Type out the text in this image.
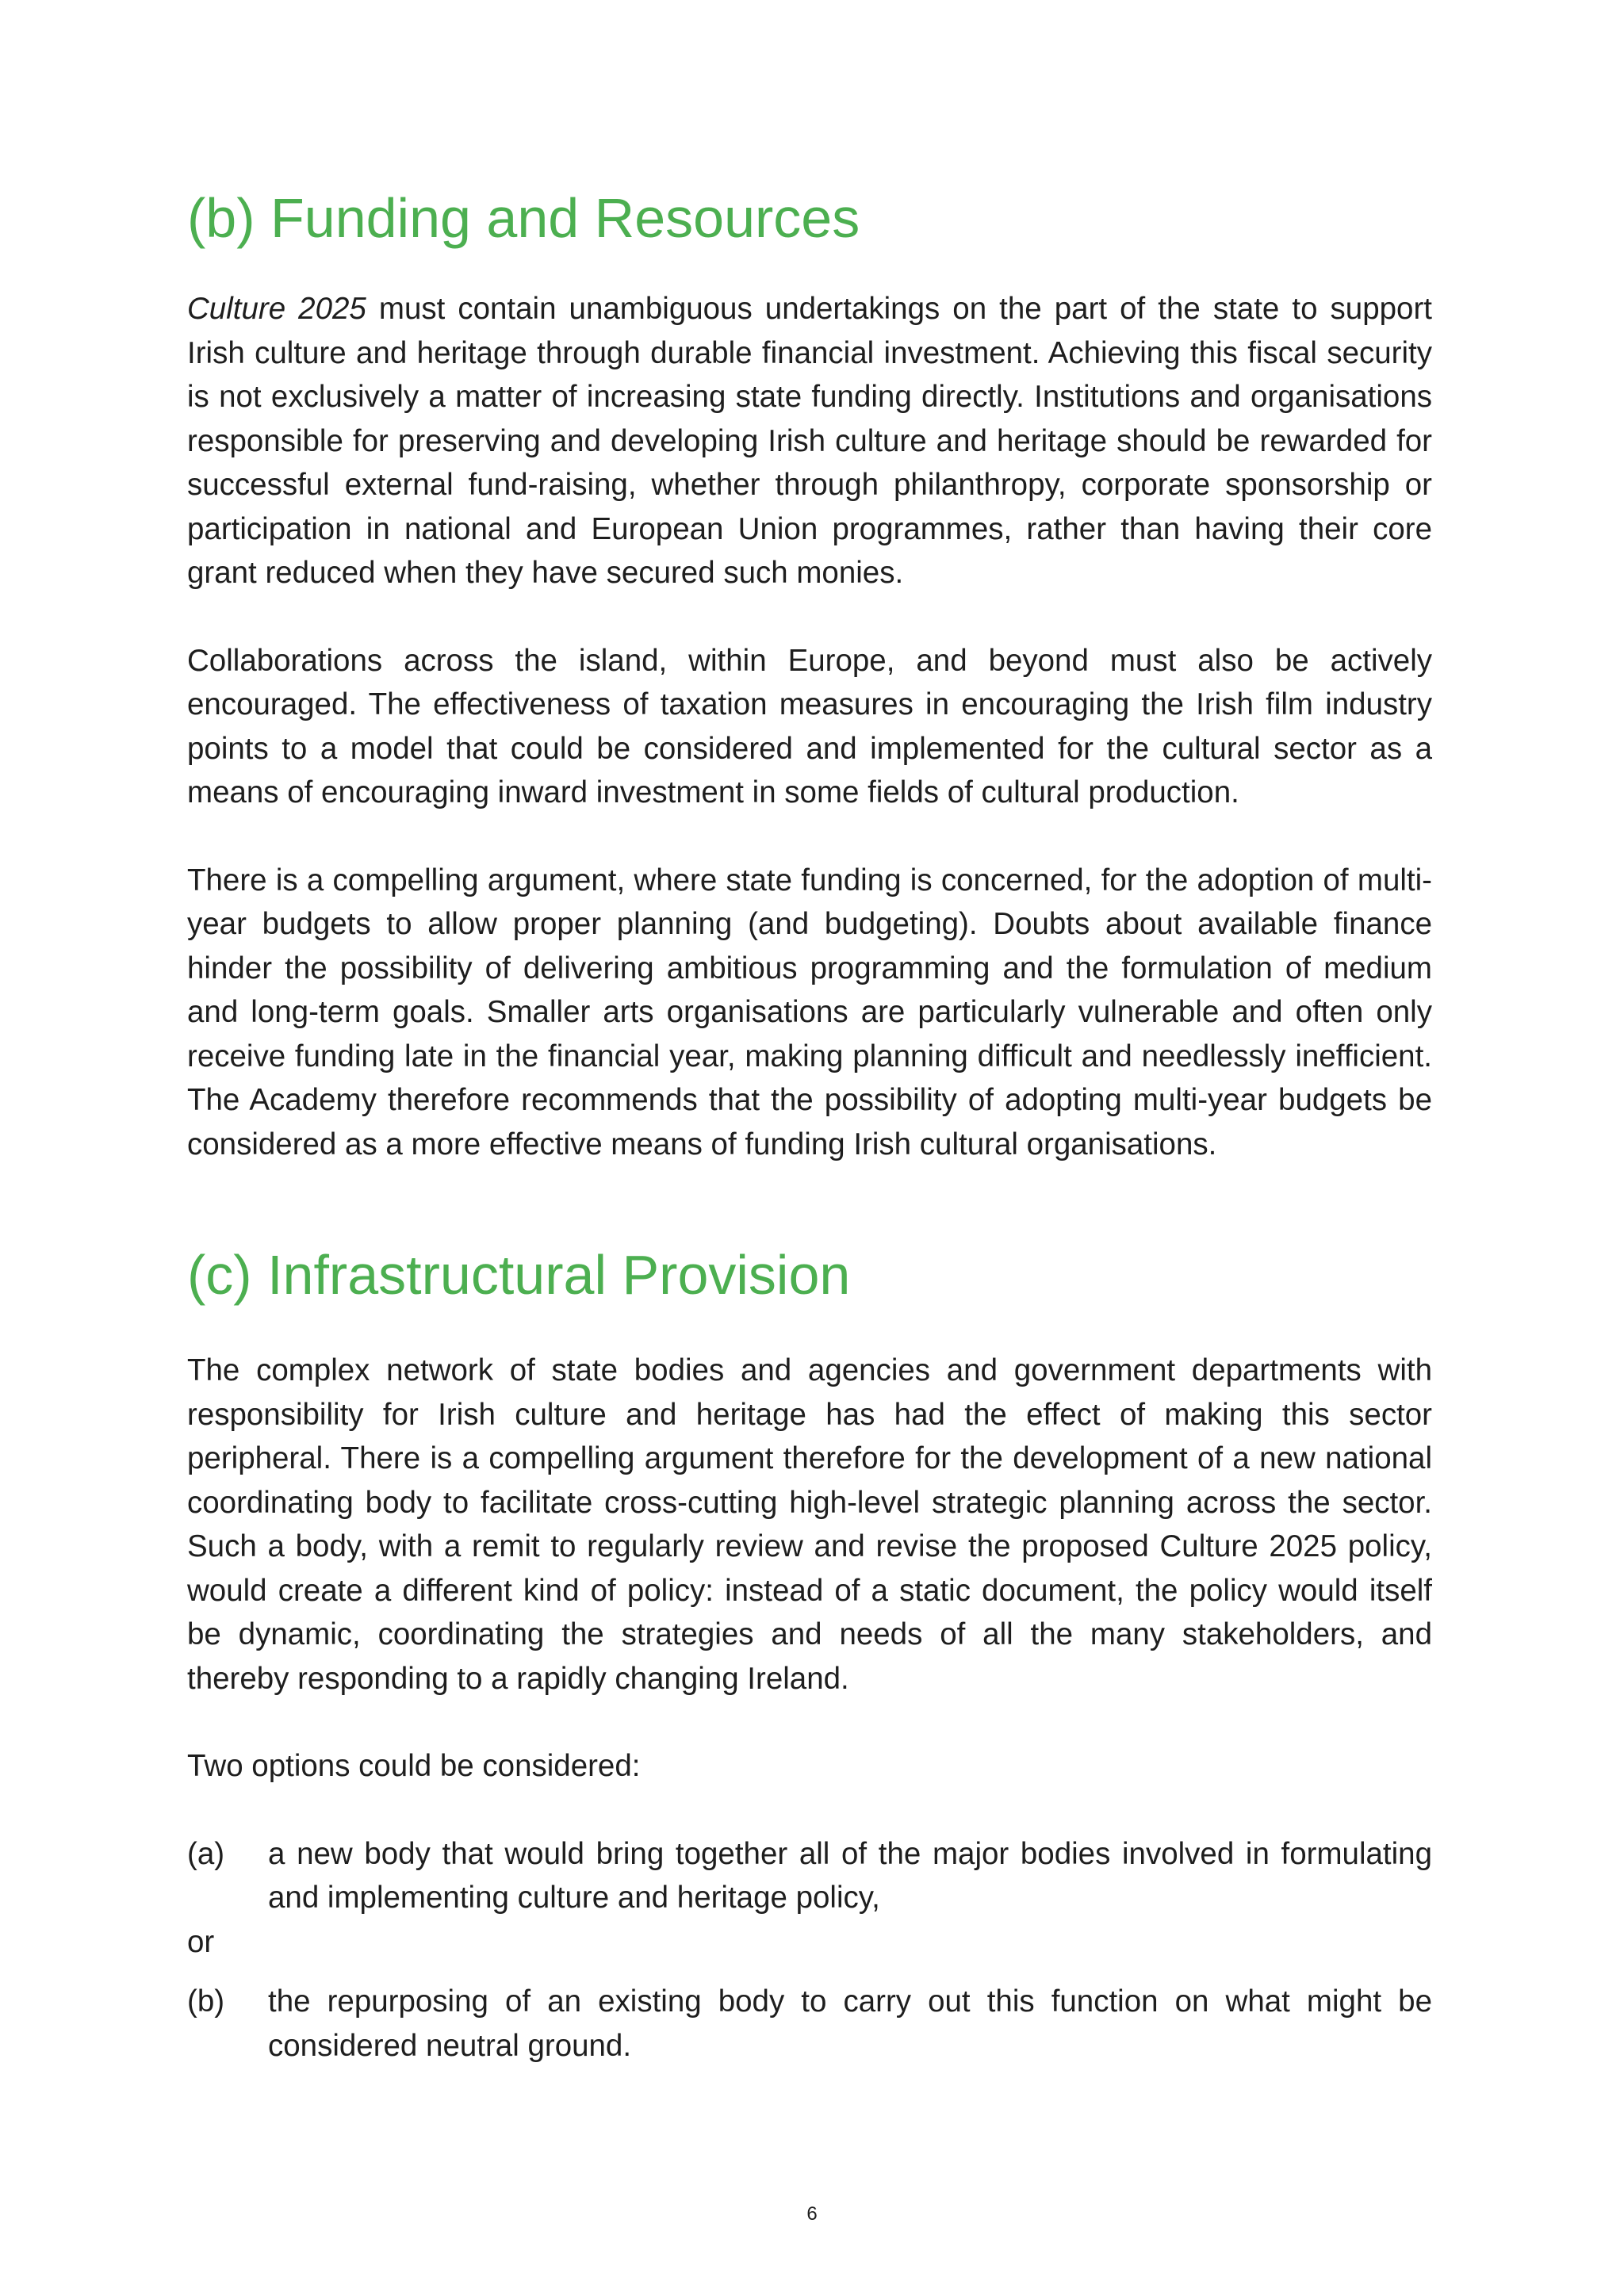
(b) Funding and Resources

Culture 2025 must contain unambiguous undertakings on the part of the state to support Irish culture and heritage through durable financial investment. Achieving this fiscal security is not exclusively a matter of increasing state funding directly. Institutions and organisations responsible for preserving and developing Irish culture and heritage should be rewarded for successful external fund-raising, whether through philanthropy, corporate sponsorship or participation in national and European Union programmes, rather than having their core grant reduced when they have secured such monies.

Collaborations across the island, within Europe, and beyond must also be actively encouraged. The effectiveness of taxation measures in encouraging the Irish film industry points to a model that could be considered and implemented for the cultural sector as a means of encouraging inward investment in some fields of cultural production.

There is a compelling argument, where state funding is concerned, for the adoption of multi-year budgets to allow proper planning (and budgeting). Doubts about available finance hinder the possibility of delivering ambitious programming and the formulation of medium and long-term goals. Smaller arts organisations are particularly vulnerable and often only receive funding late in the financial year, making planning difficult and needlessly inefficient. The Academy therefore recommends that the possibility of adopting multi-year budgets be considered as a more effective means of funding Irish cultural organisations.

(c) Infrastructural Provision

The complex network of state bodies and agencies and government departments with responsibility for Irish culture and heritage has had the effect of making this sector peripheral. There is a compelling argument therefore for the development of a new national coordinating body to facilitate cross-cutting high-level strategic planning across the sector. Such a body, with a remit to regularly review and revise the proposed Culture 2025 policy, would create a different kind of policy: instead of a static document, the policy would itself be dynamic, coordinating the strategies and needs of all the many stakeholders, and thereby responding to a rapidly changing Ireland.

Two options could be considered:

(a)	a new body that would bring together all of the major bodies involved in formulating and implementing culture and heritage policy,
or
(b)	the repurposing of an existing body to carry out this function on what might be considered neutral ground.
6
